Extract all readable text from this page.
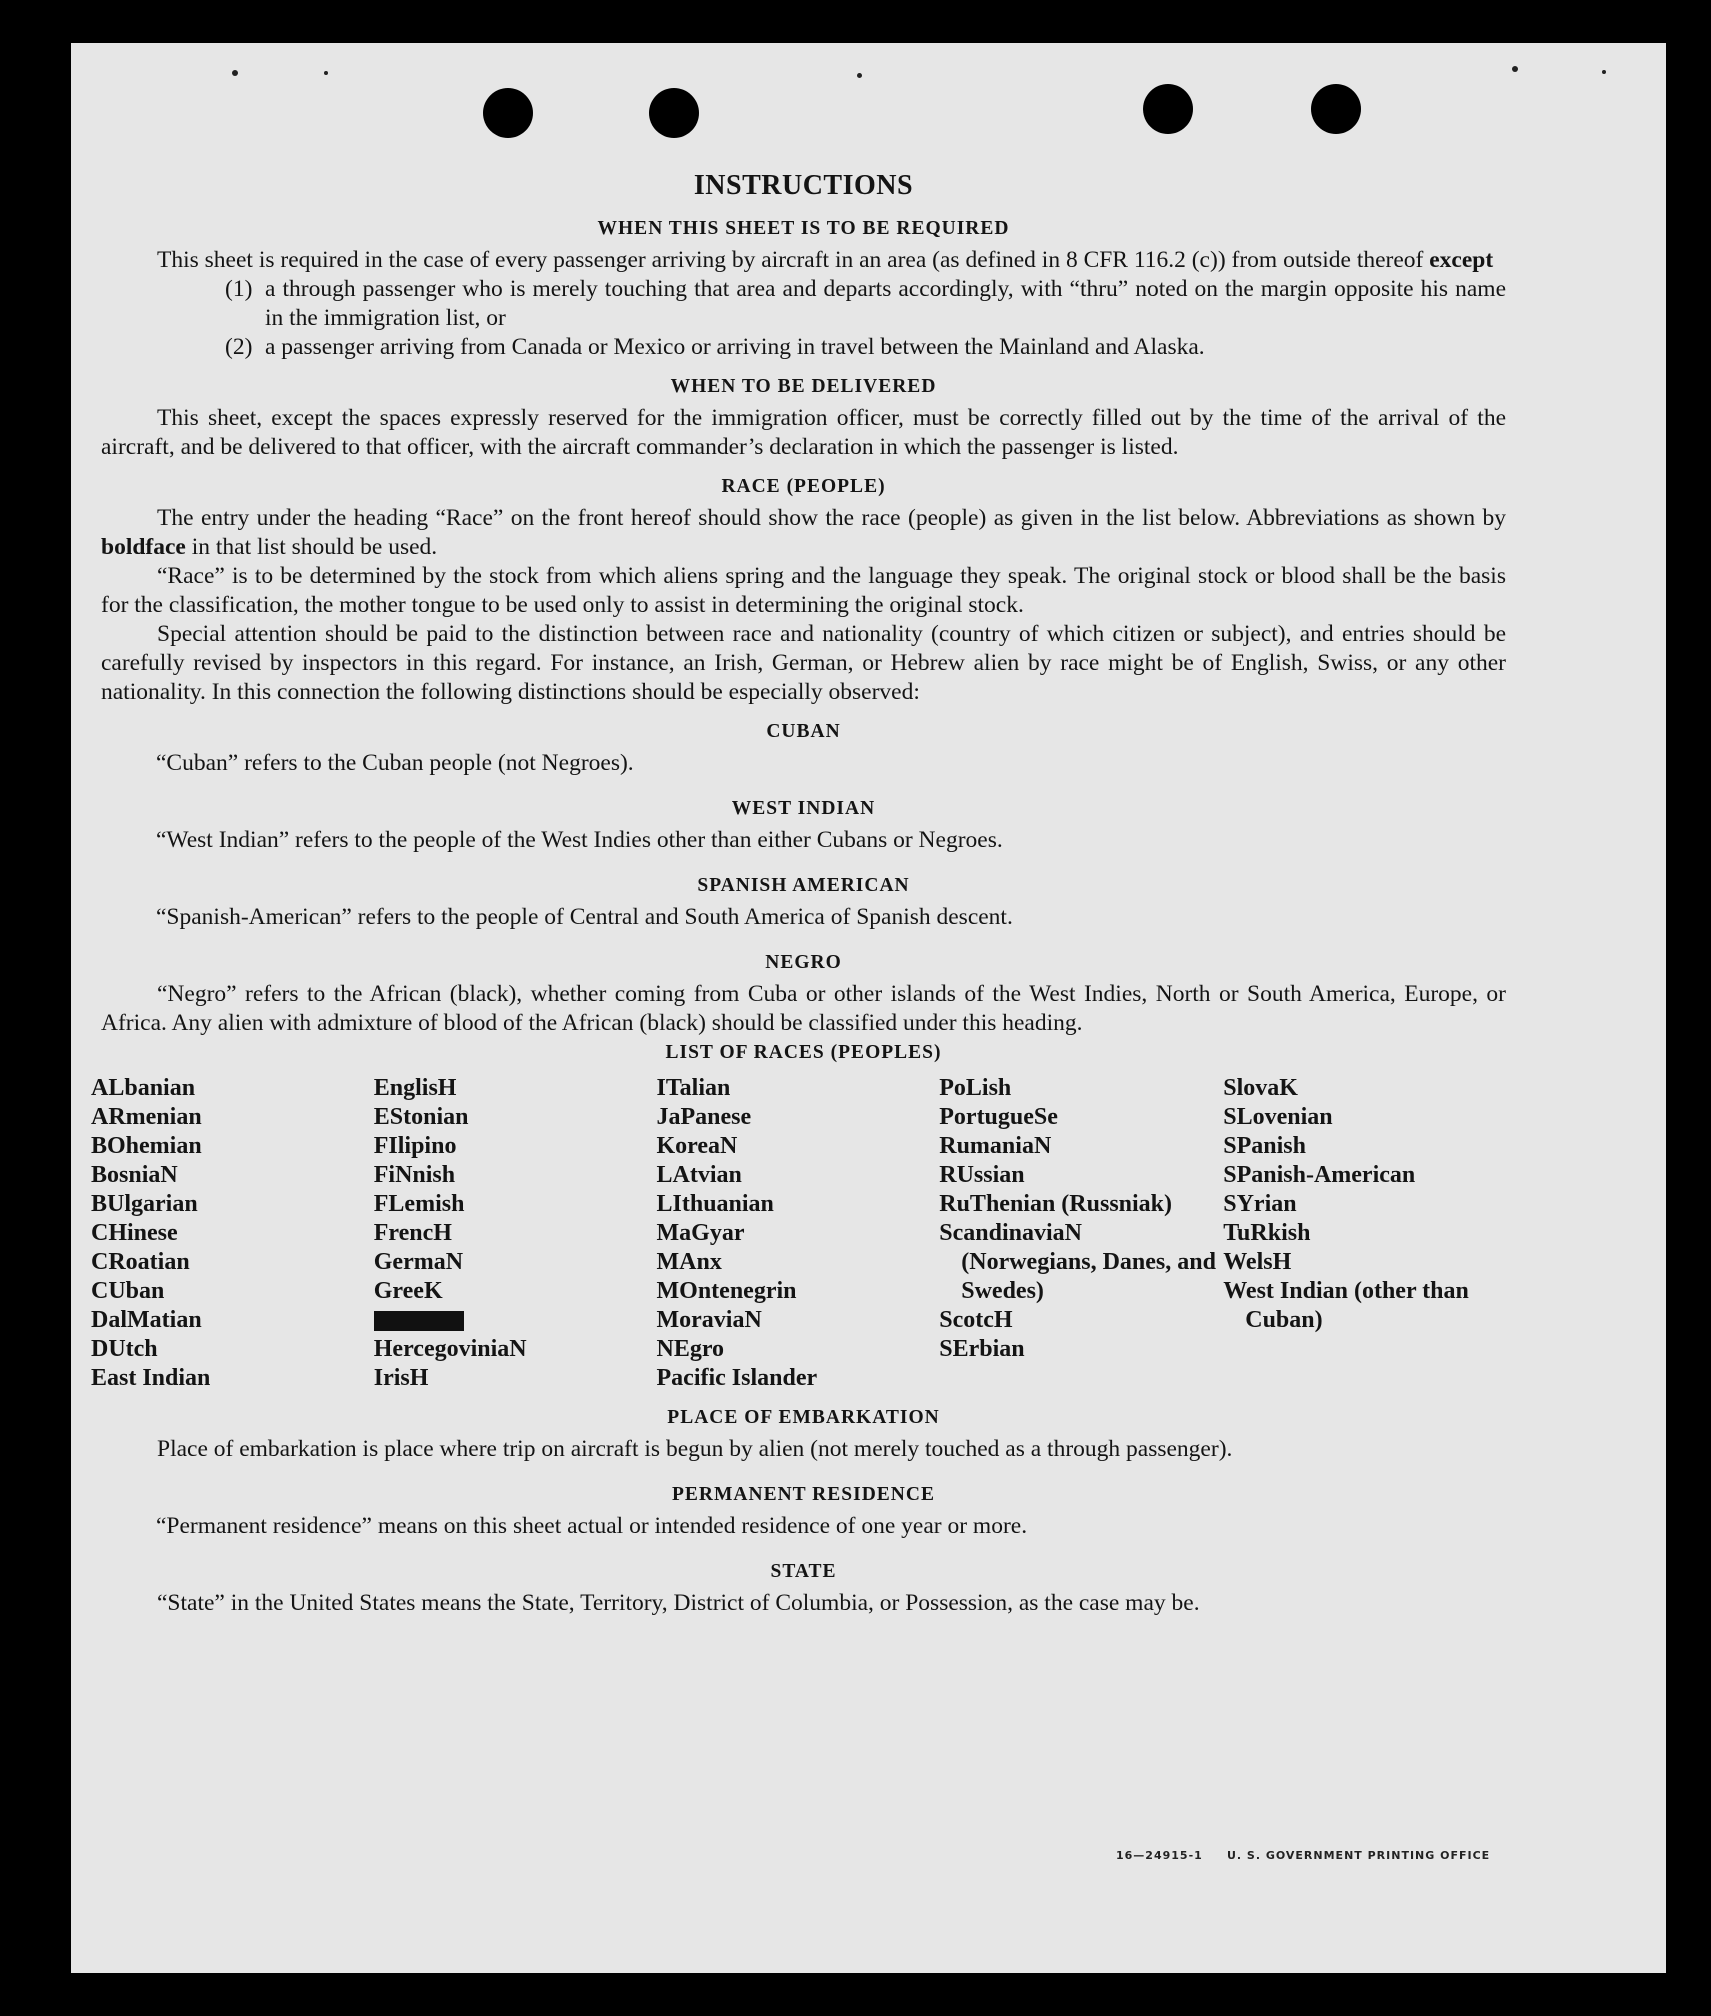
INSTRUCTIONS
WHEN THIS SHEET IS TO BE REQUIRED

This sheet is required in the case of every passenger arriving by aircraft in an area (as defined in 8 CFR 116.2 (c)) from outside thereof except

(1) a through passenger who is merely touching that area and departs accordingly, with “thru” noted on the margin opposite his name in the immigration list, or
(2) a passenger arriving from Canada or Mexico or arriving in travel between the Mainland and Alaska.
WHEN TO BE DELIVERED

This sheet, except the spaces expressly reserved for the immigration officer, must be correctly filled out by the time of the arrival of the aircraft, and be delivered to that officer, with the aircraft commander’s declaration in which the passenger is listed.

RACE (PEOPLE)

The entry under the heading “Race” on the front hereof should show the race (people) as given in the list below. Abbreviations as shown by boldface in that list should be used.

“Race” is to be determined by the stock from which aliens spring and the language they speak. The original stock or blood shall be the basis for the classification, the mother tongue to be used only to assist in determining the original stock.

Special attention should be paid to the distinction between race and nationality (country of which citizen or subject), and entries should be carefully revised by inspectors in this regard. For instance, an Irish, German, or Hebrew alien by race might be of English, Swiss, or any other nationality. In this connection the following distinctions should be especially observed:

CUBAN

“Cuban” refers to the Cuban people (not Negroes).

WEST INDIAN

“West Indian” refers to the people of the West Indies other than either Cubans or Negroes.

SPANISH AMERICAN

“Spanish-American” refers to the people of Central and South America of Spanish descent.

NEGRO

“Negro” refers to the African (black), whether coming from Cuba or other islands of the West Indies, North or South America, Europe, or Africa. Any alien with admixture of blood of the African (black) should be classified under this heading.

LIST OF RACES (PEOPLES)
ALbanian
ARmenian
BOhemian
BosniaN
BUlgarian
CHinese
CRoatian
CUban
DalMatian
DUtch
East Indian
EnglisH
EStonian
FIlipino
FiNnish
FLemish
FrencH
GermaN
GreeK
HercegoviniaN
IrisH
ITalian
JaPanese
KoreaN
LAtvian
LIthuanian
MaGyar
MAnx
MOntenegrin
MoraviaN
NEgro
Pacific Islander
PoLish
PortugueSe
RumaniaN
RUssian
RuThenian (Russniak)
ScandinaviaN (Norwegians, Danes, and Swedes)
ScotcH
SErbian
SlovaK
SLovenian
SPanish
SPanish-American
SYrian
TuRkish
WelsH
West Indian (other than Cuban)
PLACE OF EMBARKATION

Place of embarkation is place where trip on aircraft is begun by alien (not merely touched as a through passenger).

PERMANENT RESIDENCE

“Permanent residence” means on this sheet actual or intended residence of one year or more.

STATE

“State” in the United States means the State, Territory, District of Columbia, or Possession, as the case may be.

16—24915-1 U. S. GOVERNMENT PRINTING OFFICE
